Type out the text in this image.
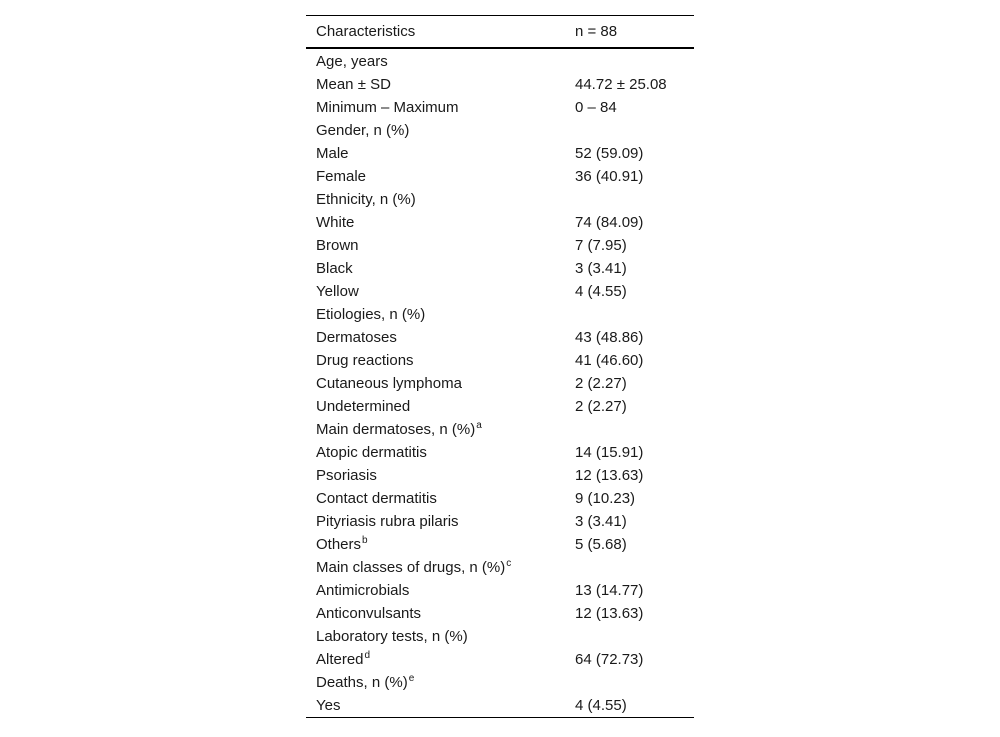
Characteristics	n = 88

Age, years	
Mean ± SD	44.72 ± 25.08
Minimum – Maximum	0 – 84
Gender, n (%)	
Male	52 (59.09)
Female	36 (40.91)
Ethnicity, n (%)	
White	74 (84.09)
Brown	7 (7.95)
Black	3 (3.41)
Yellow	4 (4.55)
Etiologies, n (%)	
Dermatoses	43 (48.86)
Drug reactions	41 (46.60)
Cutaneous lymphoma	2 (2.27)
Undetermined	2 (2.27)
Main dermatoses, n (%)$^a$	
Atopic dermatitis	14 (15.91)
Psoriasis	12 (13.63)
Contact dermatitis	9 (10.23)
Pityriasis rubra pilaris	3 (3.41)
Others$^b$	5 (5.68)
Main classes of drugs, n (%)$^c$	
Antimicrobials	13 (14.77)
Anticonvulsants	12 (13.63)
Laboratory tests, n (%)	
Altered$^d$	64 (72.73)
Deaths, n (%)$^e$	
Yes	4 (4.55)
